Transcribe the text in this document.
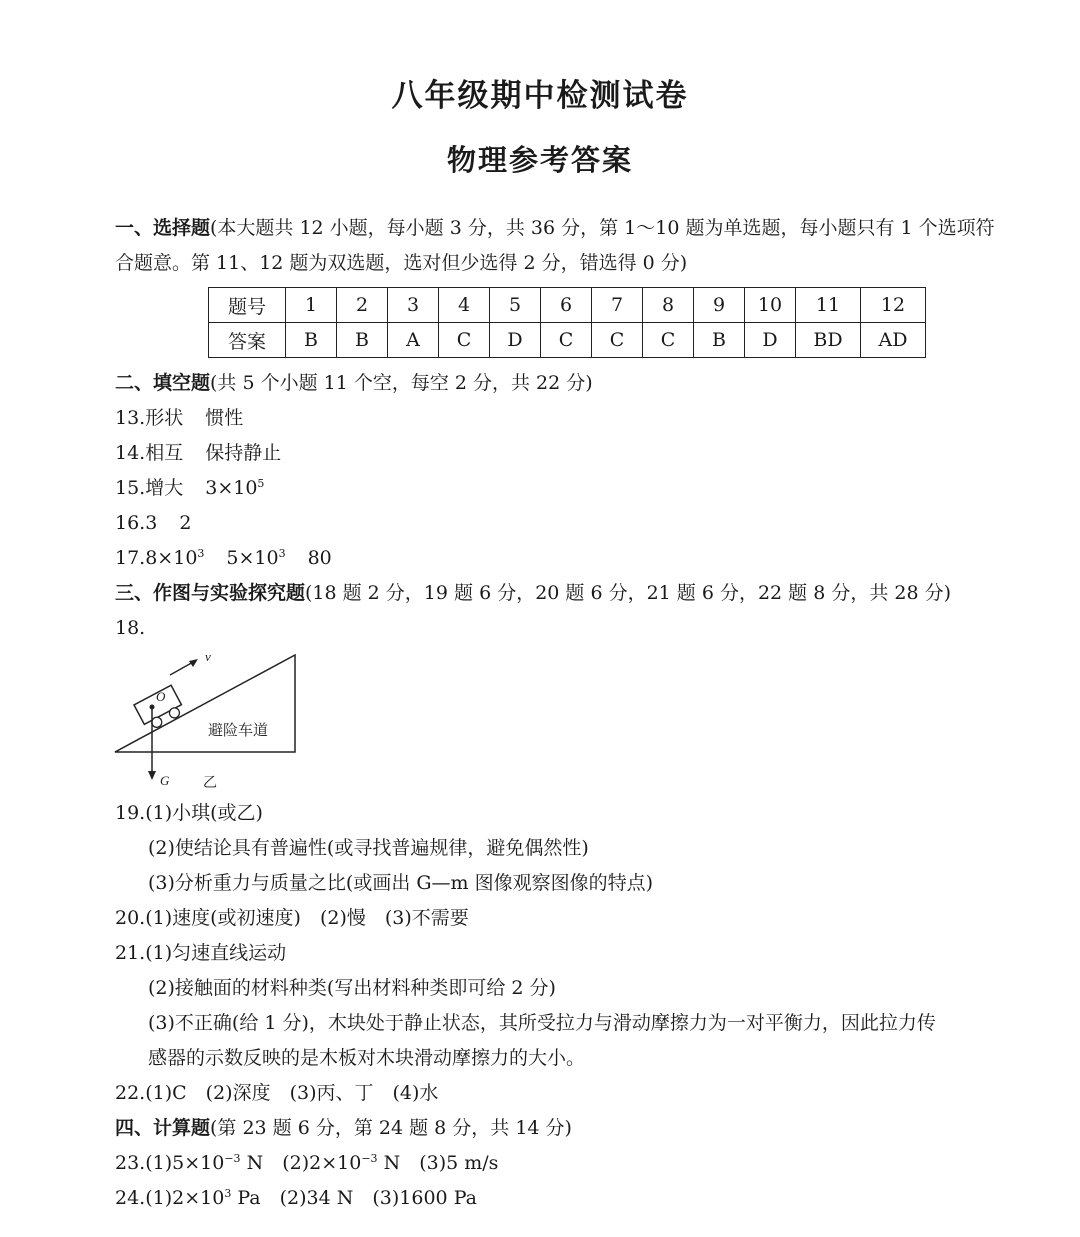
八年级期中检测试卷
物理参考答案
一、选择题(本大题共 12 小题，每小题 3 分，共 36 分，第 1～10 题为单选题，每小题只有 1 个选项符
合题意。第 11、12 题为双选题，选对但少选得 2 分，错选得 0 分)
题号	1	2	3	4	5	6	7	8	9	10	11	12
答案	B	B	A	C	D	C	C	C	B	D	BD	AD
二、填空题(共 5 个小题 11 个空，每空 2 分，共 22 分)
13.形状 惯性
14.相互 保持静止
15.增大 $3\times 10^5$
16.3 2
$17.8\times 10^3$ $5\times 10^3$ 80
三、作图与实验探究题(18 题 2 分，19 题 6 分，20 题 6 分，21 题 6 分，22 题 8 分，共 28 分)
18.
v
O
G
避险车道
乙
19.(1)小琪(或乙)
(2)使结论具有普遍性(或寻找普遍规律，避免偶然性)
(3)分析重力与质量之比(或画出 G—m 图像观察图像的特点)
20.(1)速度(或初速度)　(2)慢　(3)不需要
21.(1)匀速直线运动
(2)接触面的材料种类(写出材料种类即可给 2 分)
(3)不正确(给 1 分)，木块处于静止状态，其所受拉力与滑动摩擦力为一对平衡力，因此拉力传
感器的示数反映的是木板对木块滑动摩擦力的大小。
22.(1)C　(2)深度　(3)丙、丁　(4)水
四、计算题(第 23 题 6 分，第 24 题 8 分，共 14 分)
$23.(1)5\times 10^{-3}$ N　$(2)2\times 10^{-3}$ N　(3)5 m/s
$24.(1)2\times 10^3$ Pa　(2)34 N　(3)1600 Pa
